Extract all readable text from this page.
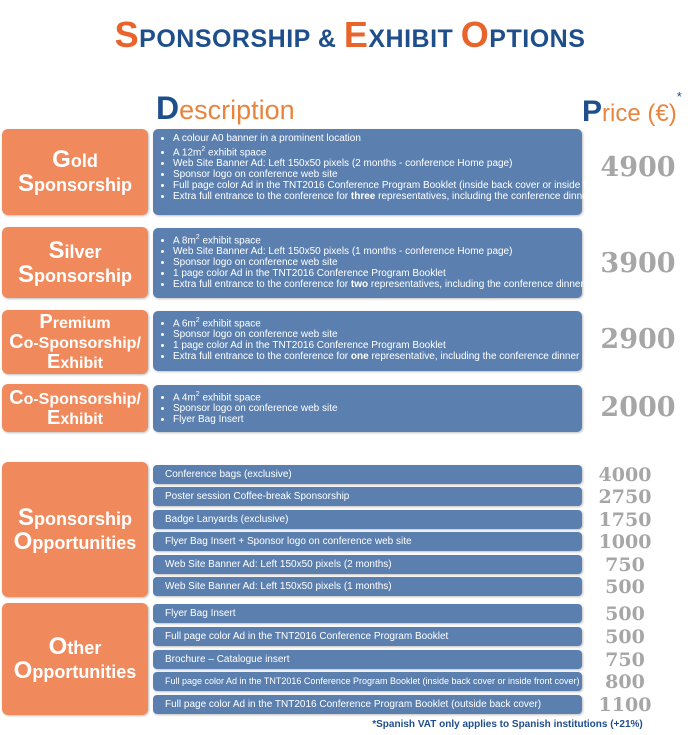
SPONSORSHIP & EXHIBIT OPTIONS
Description	Price (€)*
Gold
Sponsorship
• A colour A0 banner in a prominent location
• A $12m^2$ exhibit space
• Web Site Banner Ad: Left 150x50 pixels (2 months - conference Home page)
• Sponsor logo on conference web site
• Full page color Ad in the TNT2016 Conference Program Booklet (inside back cover or inside front cover)
• Extra full entrance to the conference for three representatives, including the conference dinner
4900
Silver
Sponsorship
• A $8m^2$ exhibit space
• Web Site Banner Ad: Left 150x50 pixels (1 months - conference Home page)
• Sponsor logo on conference web site
• 1 page color Ad in the TNT2016 Conference Program Booklet
• Extra full entrance to the conference for two representatives, including the conference dinner
3900
Premium
Co-Sponsorship/
Exhibit
• A $6m^2$ exhibit space
• Sponsor logo on conference web site
• 1 page color Ad in the TNT2016 Conference Program Booklet
• Extra full entrance to the conference for one representative, including the conference dinner
2900
Co-Sponsorship/
Exhibit
• A $4m^2$ exhibit space
• Sponsor logo on conference web site
• Flyer Bag Insert	2000
Sponsorship
Opportunities
Conference bags (exclusive)
Poster session Coffee-break Sponsorship
Badge Lanyards (exclusive)
Flyer Bag Insert + Sponsor logo on conference web site
Web Site Banner Ad: Left 150x50 pixels (2 months)
Web Site Banner Ad: Left 150x50 pixels (1 months)
4000
2750
1750
1000
750
500
Other
Opportunities
Flyer Bag Insert
Full page color Ad in the TNT2016 Conference Program Booklet
Brochure – Catalogue insert
Full page color Ad in the TNT2016 Conference Program Booklet (inside back cover or inside front cover)
Full page color Ad in the TNT2016 Conference Program Booklet (outside back cover)
500
500
750
800
1100
*Spanish VAT only applies to Spanish institutions (+21%)
